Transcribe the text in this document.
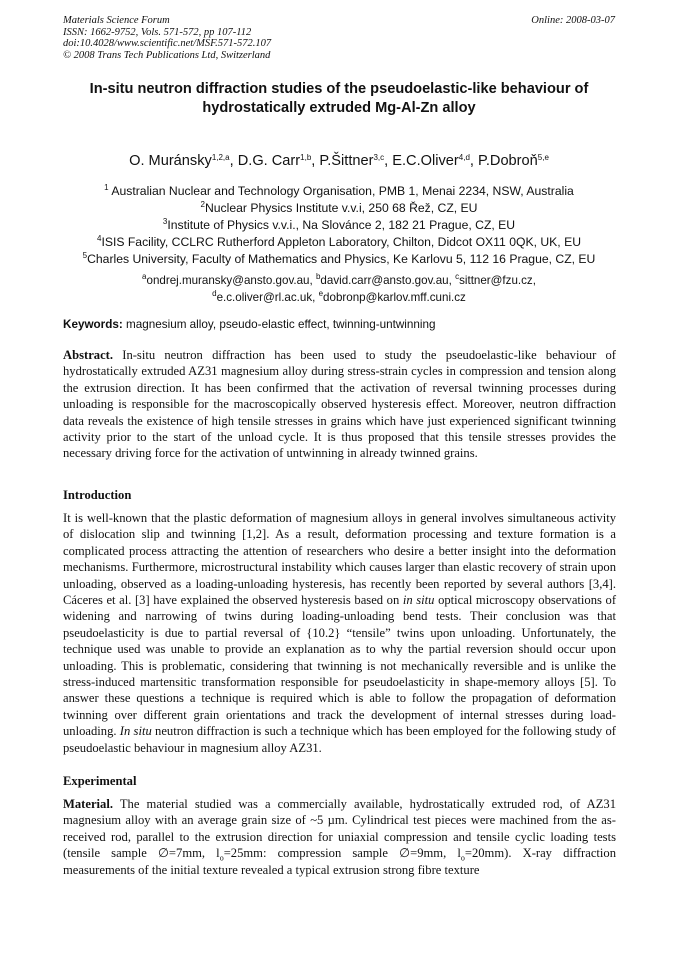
Materials Science Forum
ISSN: 1662-9752, Vols. 571-572, pp 107-112
doi:10.4028/www.scientific.net/MSF.571-572.107
© 2008 Trans Tech Publications Ltd, Switzerland
Online: 2008-03-07
In-situ neutron diffraction studies of the pseudoelastic-like behaviour of
hydrostatically extruded Mg-Al-Zn alloy
O. Muránsky$^{1,2,a}$, D.G. Carr$^{1,b}$, P.Šittner$^{3,c}$, E.C.Oliver$^{4,d}$, P.Dobroň$^{5,e}$
$^1$ Australian Nuclear and Technology Organisation, PMB 1, Menai 2234, NSW, Australia
$^2$Nuclear Physics Institute v.v.i, 250 68 Řež, CZ, EU
$^3$Institute of Physics v.v.i., Na Slovánce 2, 182 21 Prague, CZ, EU
$^4$ISIS Facility, CCLRC Rutherford Appleton Laboratory, Chilton, Didcot OX11 0QK, UK, EU
$^5$Charles University, Faculty of Mathematics and Physics, Ke Karlovu 5, 112 16 Prague, CZ, EU
$^a$ondrej.muransky@ansto.gov.au, $^b$david.carr@ansto.gov.au, $^c$sittner@fzu.cz,
$^d$e.c.oliver@rl.ac.uk, $^e$dobronp@karlov.mff.cuni.cz
Keywords: magnesium alloy, pseudo-elastic effect, twinning-untwinning
Abstract. In-situ neutron diffraction has been used to study the pseudoelastic-like behaviour of hydrostatically extruded AZ31 magnesium alloy during stress-strain cycles in compression and tension along the extrusion direction. It has been confirmed that the activation of reversal twinning processes during unloading is responsible for the macroscopically observed hysteresis effect. Moreover, neutron diffraction data reveals the existence of high tensile stresses in grains which have just experienced significant twinning activity prior to the start of the unload cycle. It is thus proposed that this tensile stresses provides the necessary driving force for the activation of untwinning in already twinned grains.
Introduction
It is well-known that the plastic deformation of magnesium alloys in general involves simultaneous activity of dislocation slip and twinning [1,2]. As a result, deformation processing and texture formation is a complicated process attracting the attention of researchers who desire a better insight into the deformation mechanisms. Furthermore, microstructural instability which causes larger than elastic recovery of strain upon unloading, observed as a loading-unloading hysteresis, has recently been reported by several authors [3,4]. Cáceres et al. [3] have explained the observed hysteresis based on in situ optical microscopy observations of widening and narrowing of twins during loading-unloading bend tests. Their conclusion was that pseudoelasticity is due to partial reversal of {10.2} “tensile” twins upon unloading. Unfortunately, the technique used was unable to provide an explanation as to why the partial reversion should occur upon unloading. This is problematic, considering that twinning is not mechanically reversible and is unlike the stress-induced martensitic transformation responsible for pseudoelasticity in shape-memory alloys [5]. To answer these questions a technique is required which is able to follow the propagation of deformation twinning over different grain orientations and track the development of internal stresses during load-unloading. In situ neutron diffraction is such a technique which has been employed for the following study of pseudoelastic behaviour in magnesium alloy AZ31.
Experimental
Material. The material studied was a commercially available, hydrostatically extruded rod, of AZ31 magnesium alloy with an average grain size of ~5 µm. Cylindrical test pieces were machined from the as-received rod, parallel to the extrusion direction for uniaxial compression and tensile cyclic loading tests (tensile sample ∅=7mm, $l_o=25mm$: compression sample ∅=9mm, $l_o=20mm$). X-ray diffraction measurements of the initial texture revealed a typical extrusion strong fibre texture
